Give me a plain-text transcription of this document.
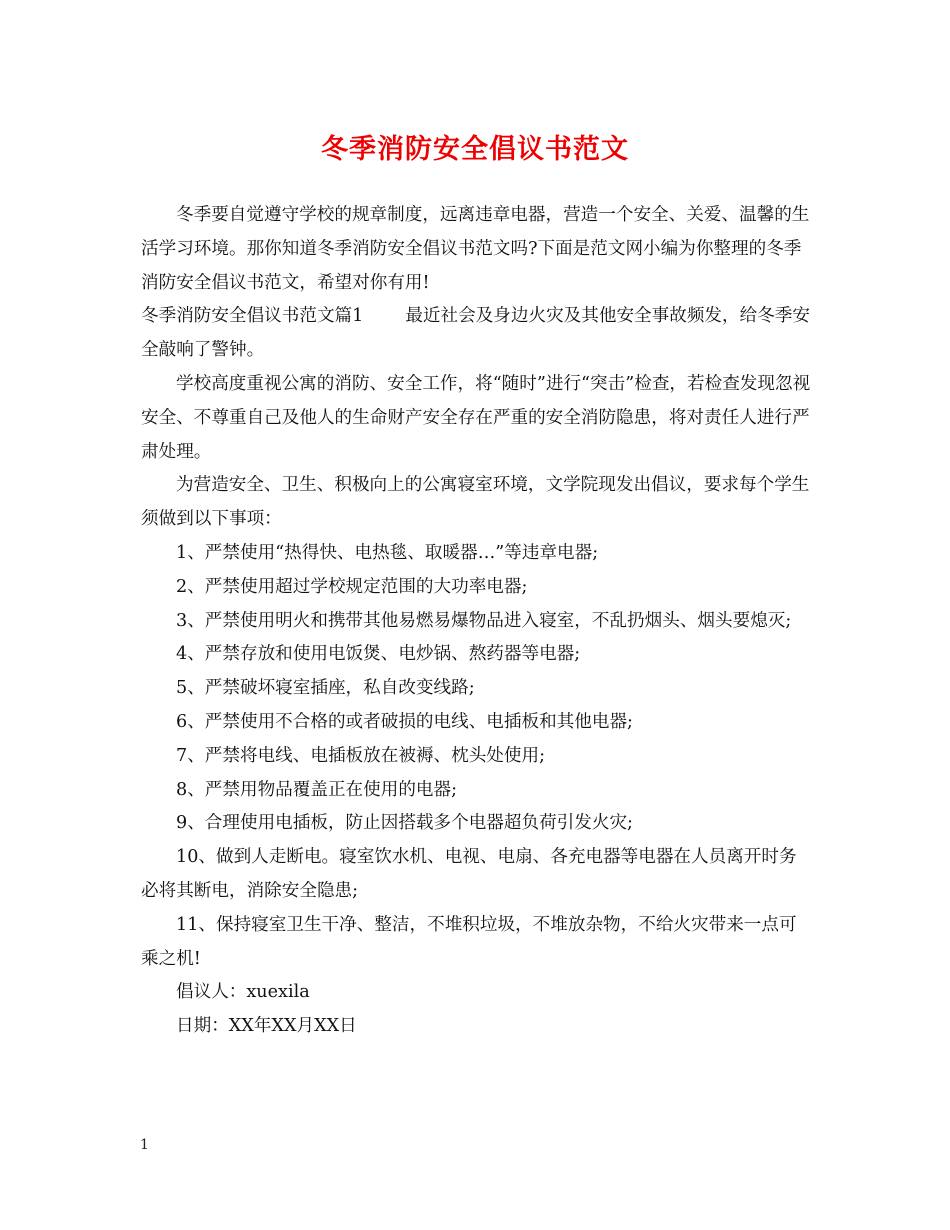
冬季消防安全倡议书范文

冬季要自觉遵守学校的规章制度，远离违章电器，营造一个安全、关爱、温馨的生活学习环境。那你知道冬季消防安全倡议书范文吗?下面是范文网小编为你整理的冬季消防安全倡议书范文，希望对你有用!

冬季消防安全倡议书范文篇1 最近社会及身边火灾及其他安全事故频发，给冬季安全敲响了警钟。

学校高度重视公寓的消防、安全工作，将“随时”进行“突击”检查，若检查发现忽视安全、不尊重自己及他人的生命财产安全存在严重的安全消防隐患，将对责任人进行严肃处理。

为营造安全、卫生、积极向上的公寓寝室环境，文学院现发出倡议，要求每个学生须做到以下事项：

1、严禁使用“热得快、电热毯、取暖器…”等违章电器;

2、严禁使用超过学校规定范围的大功率电器;

3、严禁使用明火和携带其他易燃易爆物品进入寝室，不乱扔烟头、烟头要熄灭;

4、严禁存放和使用电饭煲、电炒锅、熬药器等电器;

5、严禁破坏寝室插座，私自改变线路;

6、严禁使用不合格的或者破损的电线、电插板和其他电器;

7、严禁将电线、电插板放在被褥、枕头处使用;

8、严禁用物品覆盖正在使用的电器;

9、合理使用电插板，防止因搭载多个电器超负荷引发火灾;

10、做到人走断电。寝室饮水机、电视、电扇、各充电器等电器在人员离开时务必将其断电，消除安全隐患;

11、保持寝室卫生干净、整洁，不堆积垃圾，不堆放杂物，不给火灾带来一点可乘之机!

倡议人：xuexila

日期：XX年XX月XX日

1
